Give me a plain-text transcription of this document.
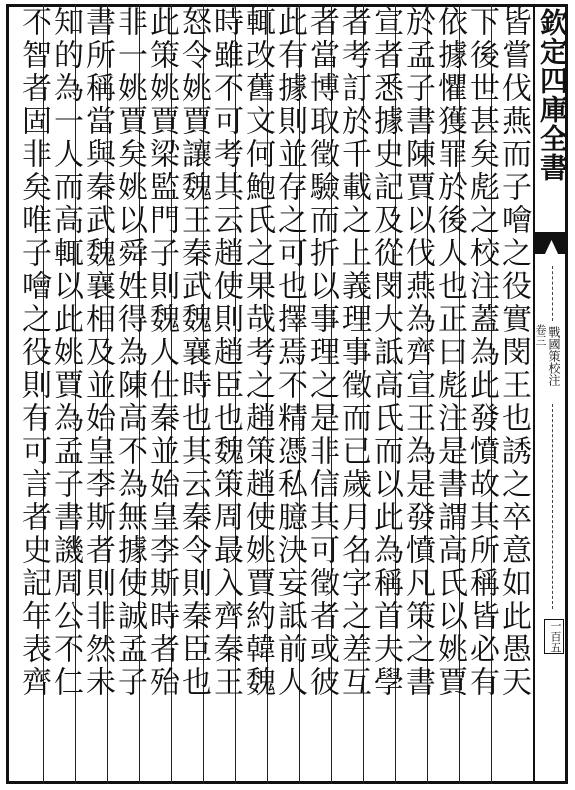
皆嘗伐燕而子噲之役實閔王也誘之卒意如此愚天
下後世甚矣彪之校注蓋為此發憤故其所稱皆必有
依據懼獲罪於後人也正曰彪注是書謂高氏以姚賈
於孟子書陳賈以伐燕為齊宣王為是發憤凡策之書
宣者悉據史記及從閔大詆高氏而以此為稱首夫學
者考訂於千載之上義理事徵而已歲月名字之差互
者當博取徵驗而折以事理之是非信其可徵者或彼
此有據則並存之可也擇焉不精憑私臆決妄詆前人
輒改舊文何鮑氏之果哉考之趙策趙使姚賈約韓魏
時雖不可考其云趙使則趙臣也魏策周最入齊秦王
怒令姚賈讓魏王秦武魏襄時也其云秦令則秦臣也
此策姚賈梁監門子則魏人仕秦並始皇李斯時者殆
非一姚賈矣姚以舜姓得為陳高不為無據使誠孟子
書所稱當與秦武魏襄相及並始皇李斯者則非然未
知的為一人而高輒以此姚賈為孟子書譏周公不仁
不智者固非矣唯子噲之役則有可言者史記年表齊	欽定四庫全書
戰國策校注
卷三
一百五
